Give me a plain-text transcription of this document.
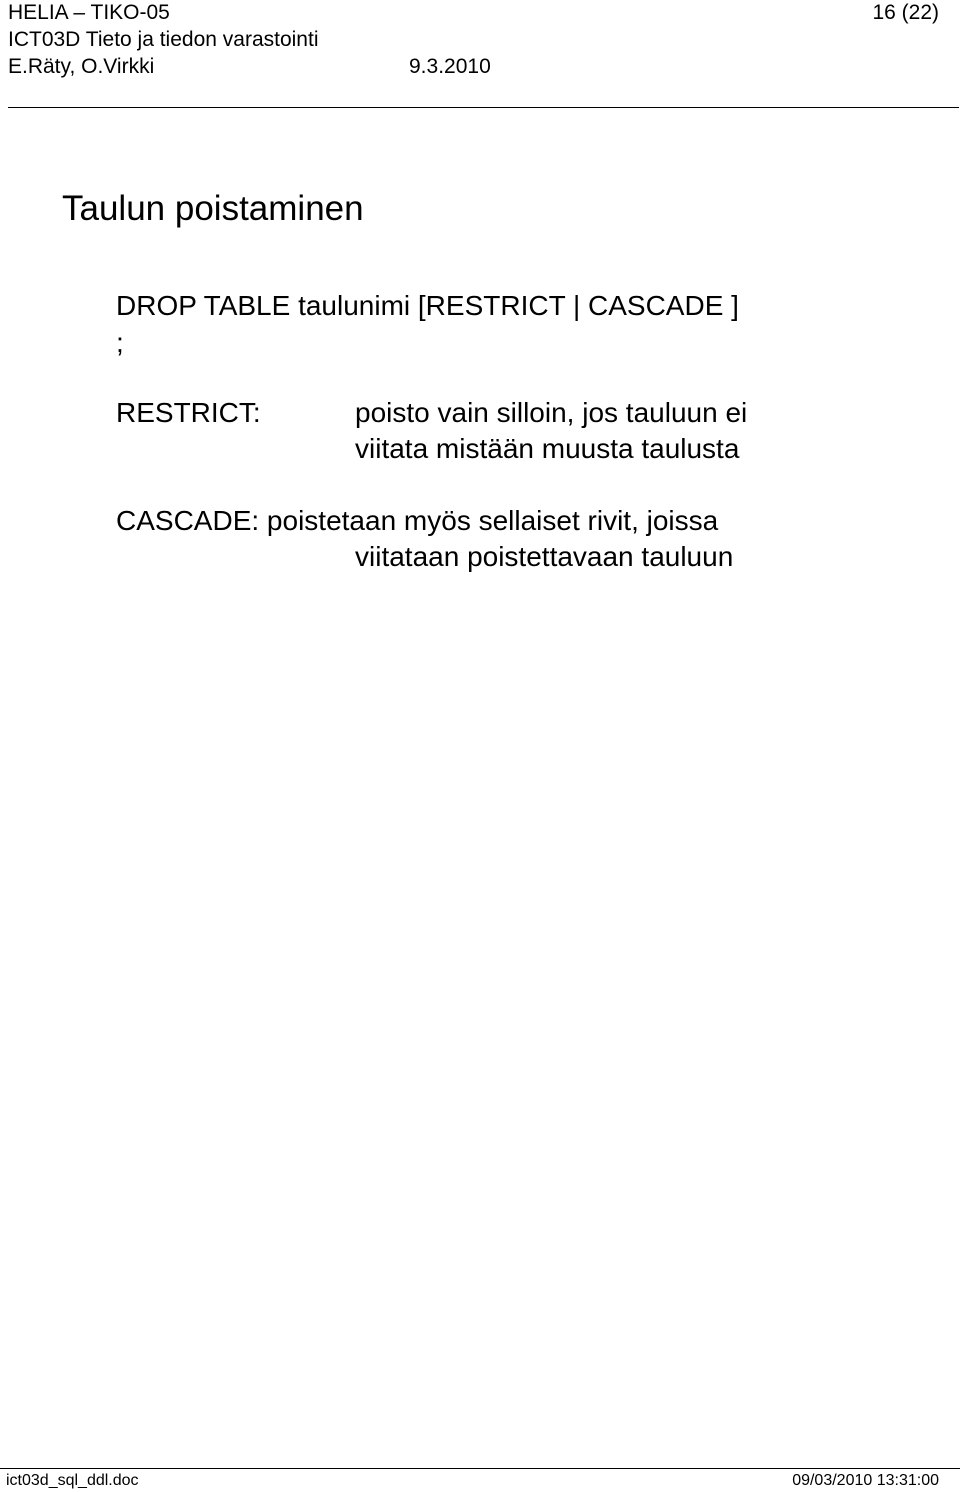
HELIA – TIKO-05	16 (22)
ICT03D Tieto ja tiedon varastointi
E.Räty, O.Virkki	9.3.2010
Taulun poistaminen
DROP TABLE taulunimi [RESTRICT | CASCADE ]
;
RESTRICT:	poisto vain silloin, jos tauluun ei
viitata mistään muusta taulusta
CASCADE: poistetaan myös sellaiset rivit, joissa
viitataan poistettavaan tauluun
ict03d_sql_ddl.doc	09/03/2010 13:31:00
